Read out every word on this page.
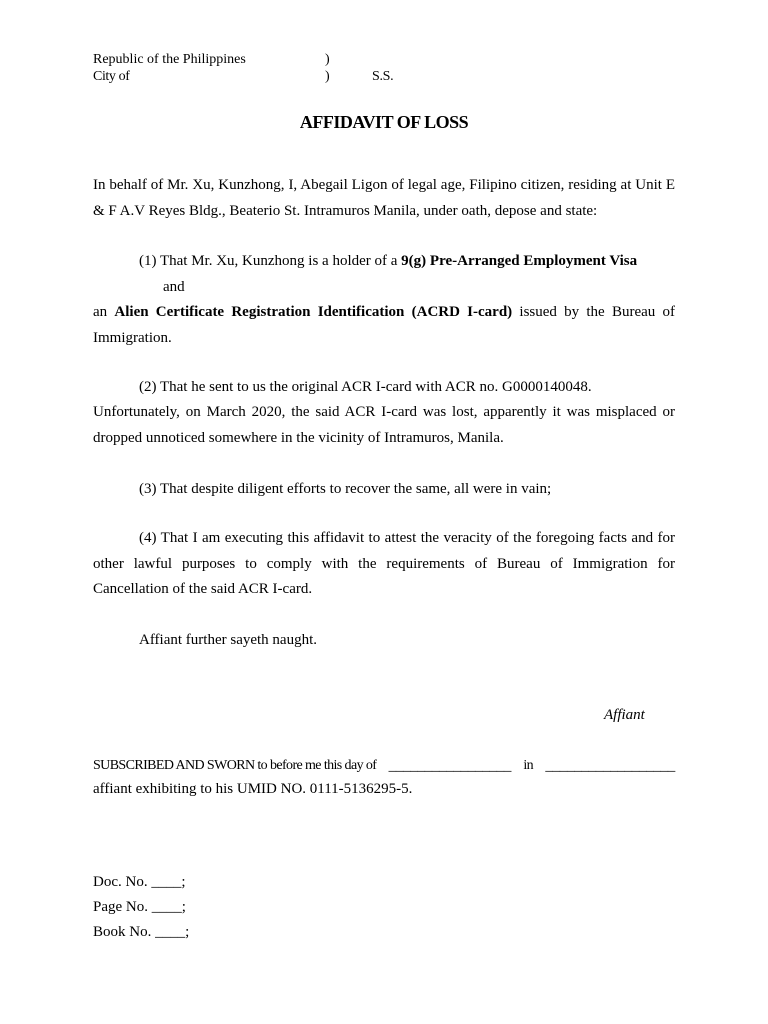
Republic of the Philippines	)
City of	)	S.S.
AFFIDAVIT OF LOSS

In behalf of Mr. Xu, Kunzhong, I, Abegail Ligon of legal age, Filipino citizen, residing at Unit E & F A.V Reyes Bldg., Beaterio St. Intramuros Manila, under oath, depose and state:

(1) That Mr. Xu, Kunzhong is a holder of a 9(g) Pre-Arranged Employment Visa
and

an Alien Certificate Registration Identification (ACRD I-card) issued by the Bureau of Immigration.

(2) That he sent to us the original ACR I-card with ACR no. G0000140048.

Unfortunately, on March 2020, the said ACR I-card was lost, apparently it was misplaced or dropped unnoticed somewhere in the vicinity of Intramuros, Manila.

(3) That despite diligent efforts to recover the same, all were in vain;

(4) That I am executing this affidavit to attest the veracity of the foregoing facts and for other lawful purposes to comply with the requirements of Bureau of Immigration for Cancellation of the said ACR I-card.

Affiant further sayeth naught.
Affiant
SUBSCRIBED AND SWORN to before me this day of _________________ in __________________
affiant exhibiting to his UMID NO. 0111-5136295-5.
Doc. No. ____;
Page No. ____;
Book No. ____;
